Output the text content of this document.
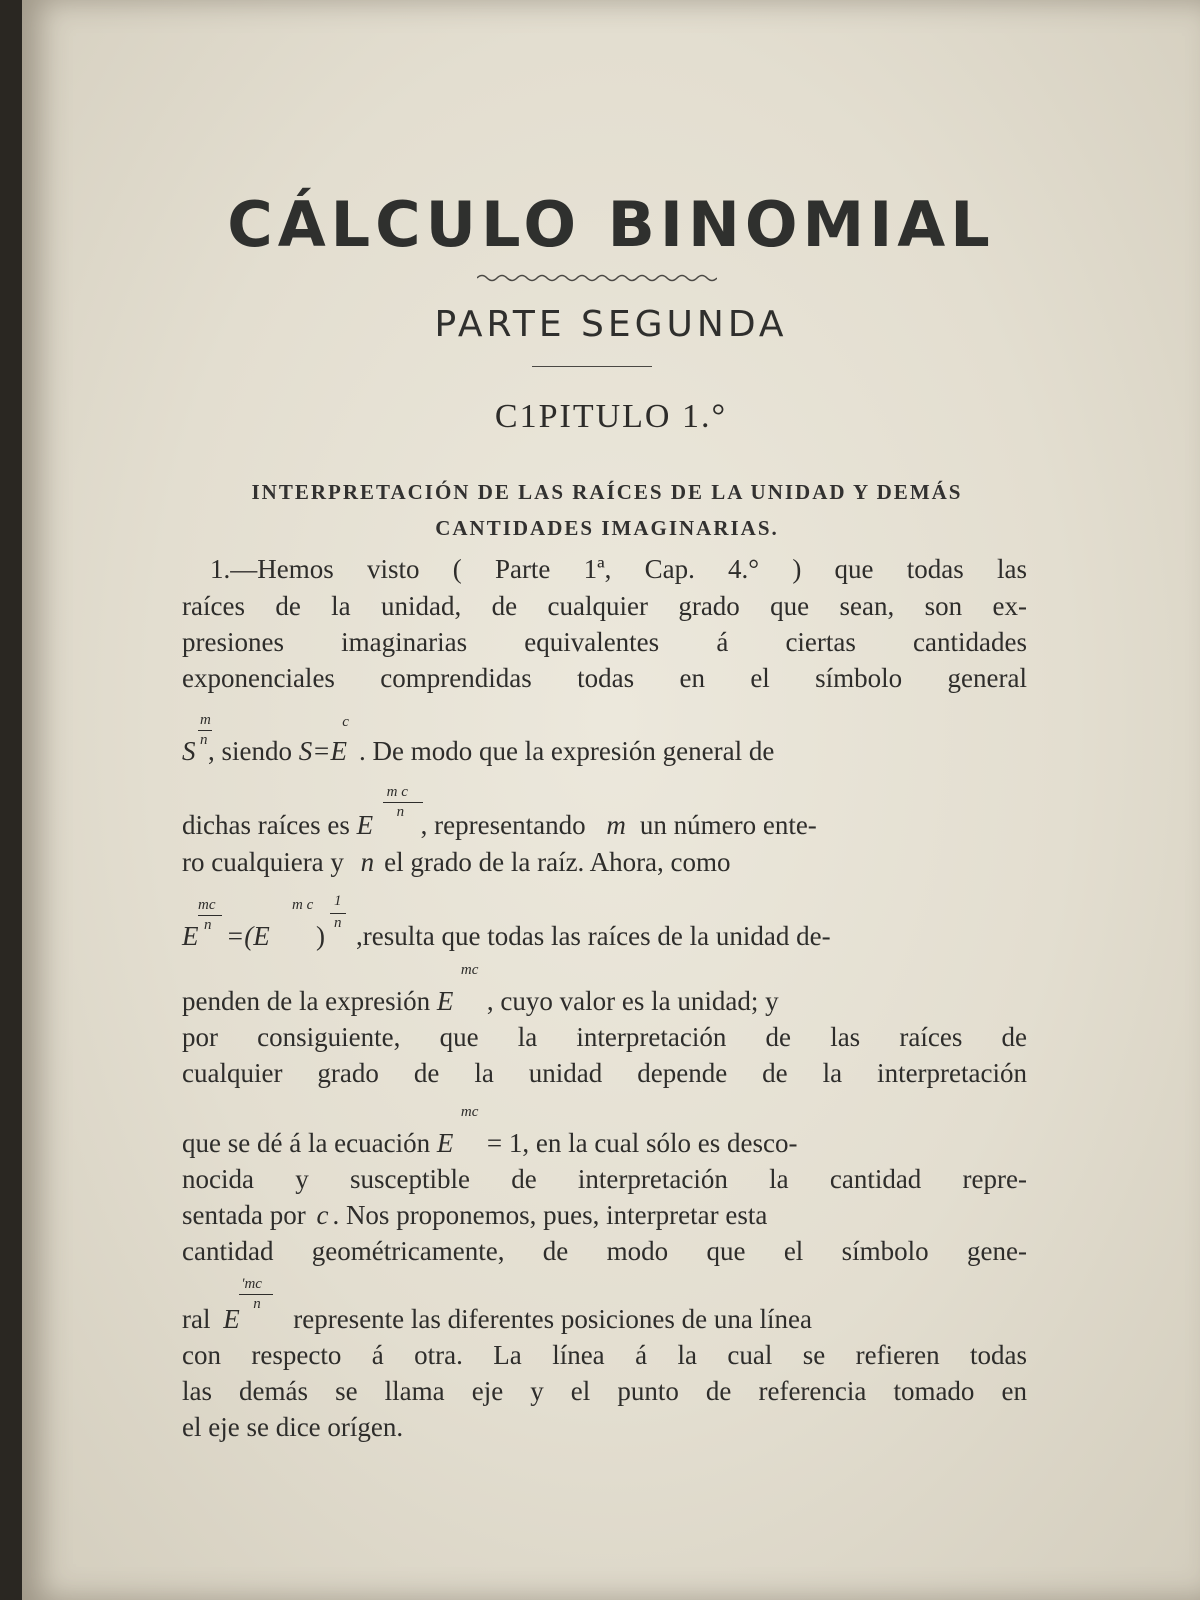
CÁLCULO BINOMIAL
PARTE SEGUNDA
C1PITULO 1.°
INTERPRETACIÓN DE LAS RAÍCES DE LA UNIDAD Y DEMÁS
CANTIDADES IMAGINARIAS.
1.—Hemos visto ( Parte 1ª, Cap. 4.° ) que todas las
raíces de la unidad, de cualquier grado que sean, son ex-
presiones imaginarias equivalentes á ciertas cantidades
exponenciales comprendidas todas en el símbolo general
S
m
n , siendo S=E
c
. De modo que la expresión general de
dichas raíces es E
m c
n , representando m un número ente-
ro cualquiera y n el grado de la raíz. Ahora, como
E
mc
n =(E
m c
)
1
n ,resulta que todas las raíces de la unidad de-
penden de la expresión E
mc
, cuyo valor es la unidad; y
por consiguiente, que la interpretación de las raíces de
cualquier grado de la unidad depende de la interpretación
que se dé á la ecuación E
mc
= 1, en la cual sólo es desco-
nocida y susceptible de interpretación la cantidad repre-
sentada por c . Nos proponemos, pues, interpretar esta
cantidad geométricamente, de modo que el símbolo gene-
ral E
'mc
n represente las diferentes posiciones de una línea
con respecto á otra. La línea á la cual se refieren todas
las demás se llama eje y el punto de referencia tomado en
el eje se dice orígen.
